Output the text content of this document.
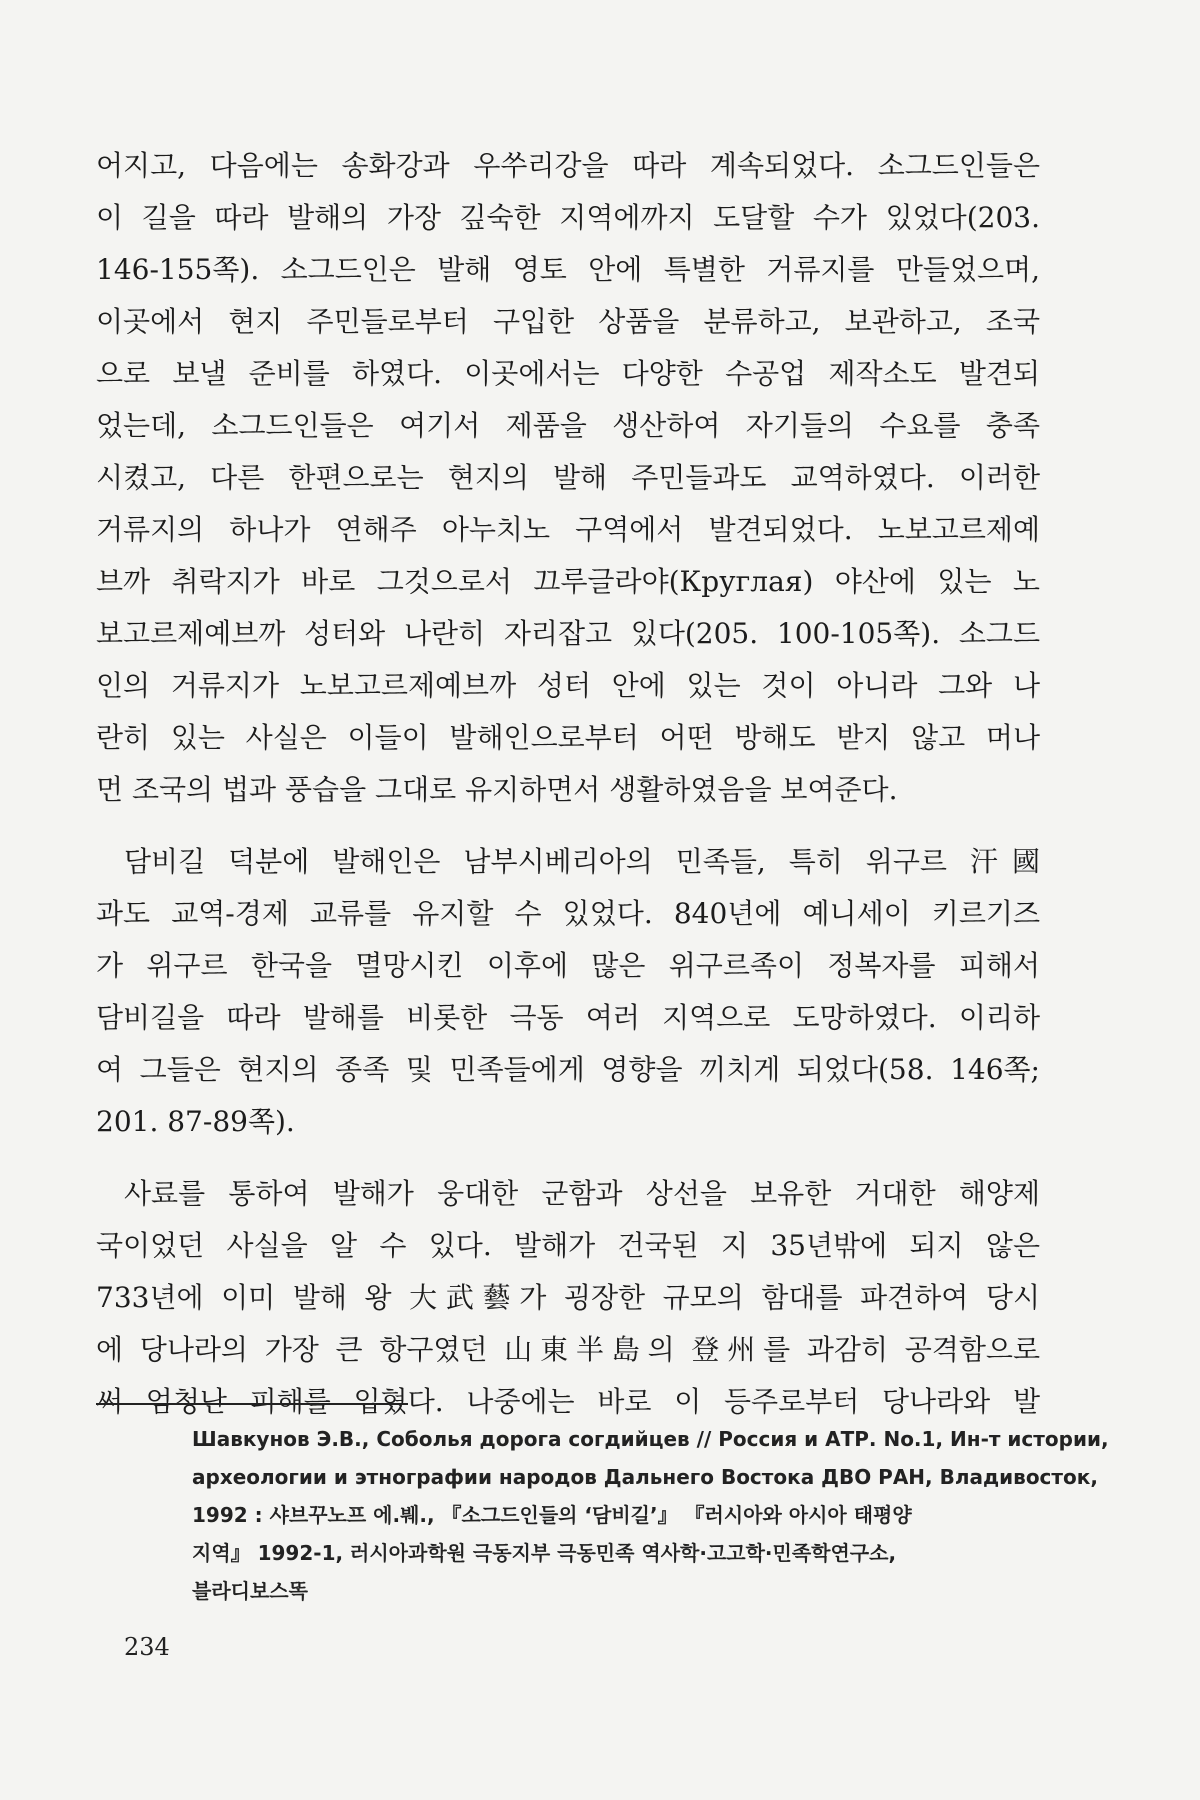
어지고, 다음에는 송화강과 우쑤리강을 따라 계속되었다. 소그드인들은
이 길을 따라 발해의 가장 깊숙한 지역에까지 도달할 수가 있었다(203.
146-155쪽). 소그드인은 발해 영토 안에 특별한 거류지를 만들었으며,
이곳에서 현지 주민들로부터 구입한 상품을 분류하고, 보관하고, 조국
으로 보낼 준비를 하였다. 이곳에서는 다양한 수공업 제작소도 발견되
었는데, 소그드인들은 여기서 제품을 생산하여 자기들의 수요를 충족
시켰고, 다른 한편으로는 현지의 발해 주민들과도 교역하였다. 이러한
거류지의 하나가 연해주 아누치노 구역에서 발견되었다. 노보고르제예
브까 취락지가 바로 그것으로서 끄루글라야(Круглая) 야산에 있는 노
보고르제예브까 성터와 나란히 자리잡고 있다(205. 100-105쪽). 소그드
인의 거류지가 노보고르제예브까 성터 안에 있는 것이 아니라 그와 나
란히 있는 사실은 이들이 발해인으로부터 어떤 방해도 받지 않고 머나
먼 조국의 법과 풍습을 그대로 유지하면서 생활하였음을 보여준다.
담비길 덕분에 발해인은 남부시베리아의 민족들, 특히 위구르 汗國
과도 교역-경제 교류를 유지할 수 있었다. 840년에 예니세이 키르기즈
가 위구르 한국을 멸망시킨 이후에 많은 위구르족이 정복자를 피해서
담비길을 따라 발해를 비롯한 극동 여러 지역으로 도망하였다. 이리하
여 그들은 현지의 종족 및 민족들에게 영향을 끼치게 되었다(58. 146쪽;
201. 87-89쪽).
사료를 통하여 발해가 웅대한 군함과 상선을 보유한 거대한 해양제
국이었던 사실을 알 수 있다. 발해가 건국된 지 35년밖에 되지 않은
733년에 이미 발해 왕 大武藝가 굉장한 규모의 함대를 파견하여 당시
에 당나라의 가장 큰 항구였던 山東半島의 登州를 과감히 공격함으로
써 엄청난 피해를 입혔다. 나중에는 바로 이 등주로부터 당나라와 발
Шавкунов Э.В., Соболья дорога согдийцев // Россия и АТР. No.1, Ин-т истории,
археологии и этнографии народов Дальнего Востока ДВО РАН, Владивосток,
1992 : 샤브꾸노프 에.붸., 『소그드인들의 ‘담비길’』 『러시아와 아시아 태평양
지역』 1992-1, 러시아과학원 극동지부 극동민족 역사학·고고학·민족학연구소,
블라디보스똑
234
